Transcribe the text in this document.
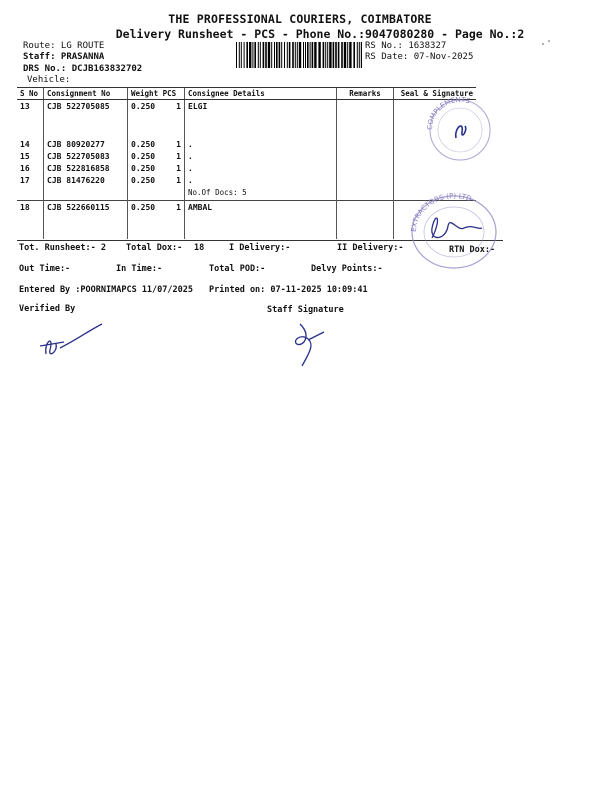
THE PROFESSIONAL COURIERS, COIMBATORE
Delivery Runsheet - PCS - Phone No.:9047080280 - Page No.:2
Route: LG ROUTE
Staff: PRASANNA
DRS No.: DCJB163832702
Vehicle:
RS No.: 1638327
RS Date: 07-Nov-2025
S No	Consignment No	Weight PCS	Consignee Details	Remarks	Seal & Signature
13	CJB 522705085	0.250 1	ELGI		

14	CJB 80920277	0.250 1	.		
15	CJB 522705083	0.250 1	.		
16	CJB 522816858	0.250 1	.		
17	CJB 81476220	0.250 1	.		
			No.Of Docs: 5		
18	CJB 522660115	0.250 1	AMBAL		

Tot. Runsheet:- 2 Total Dox:- 18	I Delivery:-	II Delivery:-	RTN Dox:-
Out Time:-	In Time:-	Total POD:-	Delvy Points:-
Entered By :POORNIMAPCS 11/07/2025 Printed on: 07-11-2025 10:09:41
Verified By	Staff Signature
COMPLEMENTS
EXTRACTORS (P) LTD
